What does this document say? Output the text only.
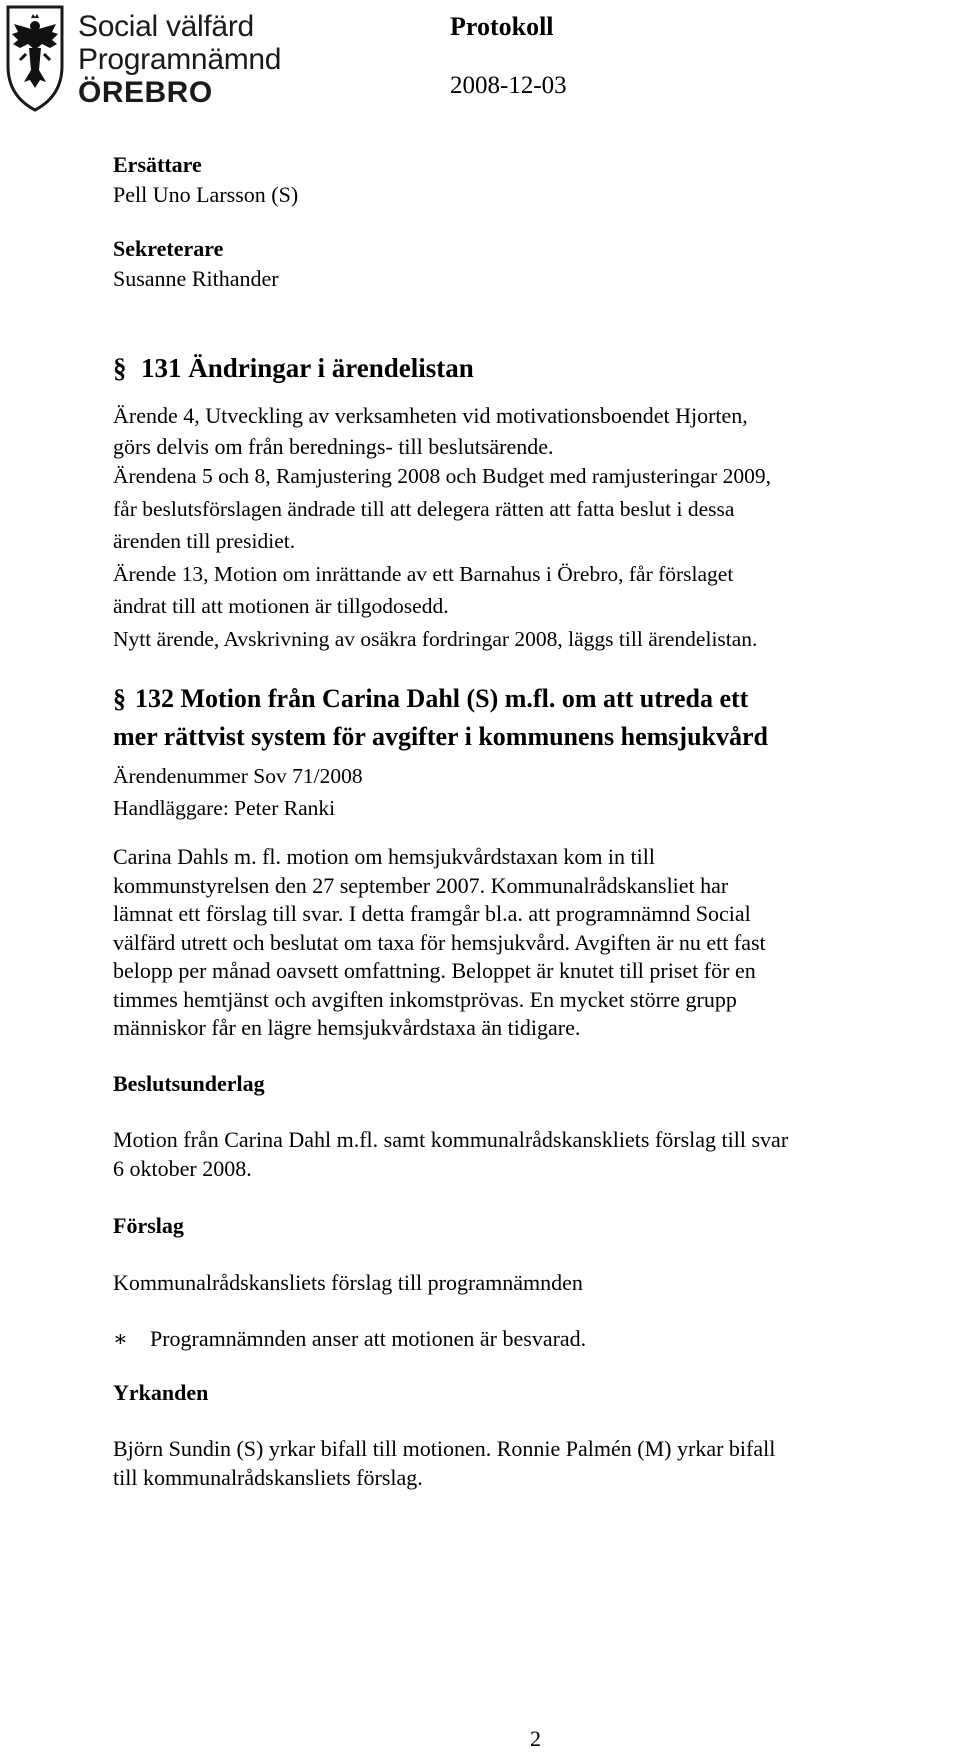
Social välfärd
Programnämnd
ÖREBRO
Protokoll
2008-12-03
Ersättare
Pell Uno Larsson (S)
Sekreterare
Susanne Rithander
§ 131 Ändringar i ärendelistan
Ärende 4, Utveckling av verksamheten vid motivationsboendet Hjorten,
görs delvis om från berednings- till beslutsärende.
Ärendena 5 och 8, Ramjustering 2008 och Budget med ramjusteringar 2009,
får beslutsförslagen ändrade till att delegera rätten att fatta beslut i dessa
ärenden till presidiet.
Ärende 13, Motion om inrättande av ett Barnahus i Örebro, får förslaget
ändrat till att motionen är tillgodosedd.
Nytt ärende, Avskrivning av osäkra fordringar 2008, läggs till ärendelistan.
§ 132 Motion från Carina Dahl (S) m.fl. om att utreda ett
mer rättvist system för avgifter i kommunens hemsjukvård
Ärendenummer Sov 71/2008
Handläggare: Peter Ranki
Carina Dahls m. fl. motion om hemsjukvårdstaxan kom in till
kommunstyrelsen den 27 september 2007. Kommunalrådskansliet har
lämnat ett förslag till svar. I detta framgår bl.a. att programnämnd Social
välfärd utrett och beslutat om taxa för hemsjukvård. Avgiften är nu ett fast
belopp per månad oavsett omfattning. Beloppet är knutet till priset för en
timmes hemtjänst och avgiften inkomstprövas. En mycket större grupp
människor får en lägre hemsjukvårdstaxa än tidigare.
Beslutsunderlag
Motion från Carina Dahl m.fl. samt kommunalrådskanskliets förslag till svar
6 oktober 2008.
Förslag
Kommunalrådskansliets förslag till programnämnden
∗ Programnämnden anser att motionen är besvarad.
Yrkanden
Björn Sundin (S) yrkar bifall till motionen. Ronnie Palmén (M) yrkar bifall
till kommunalrådskansliets förslag.
2
